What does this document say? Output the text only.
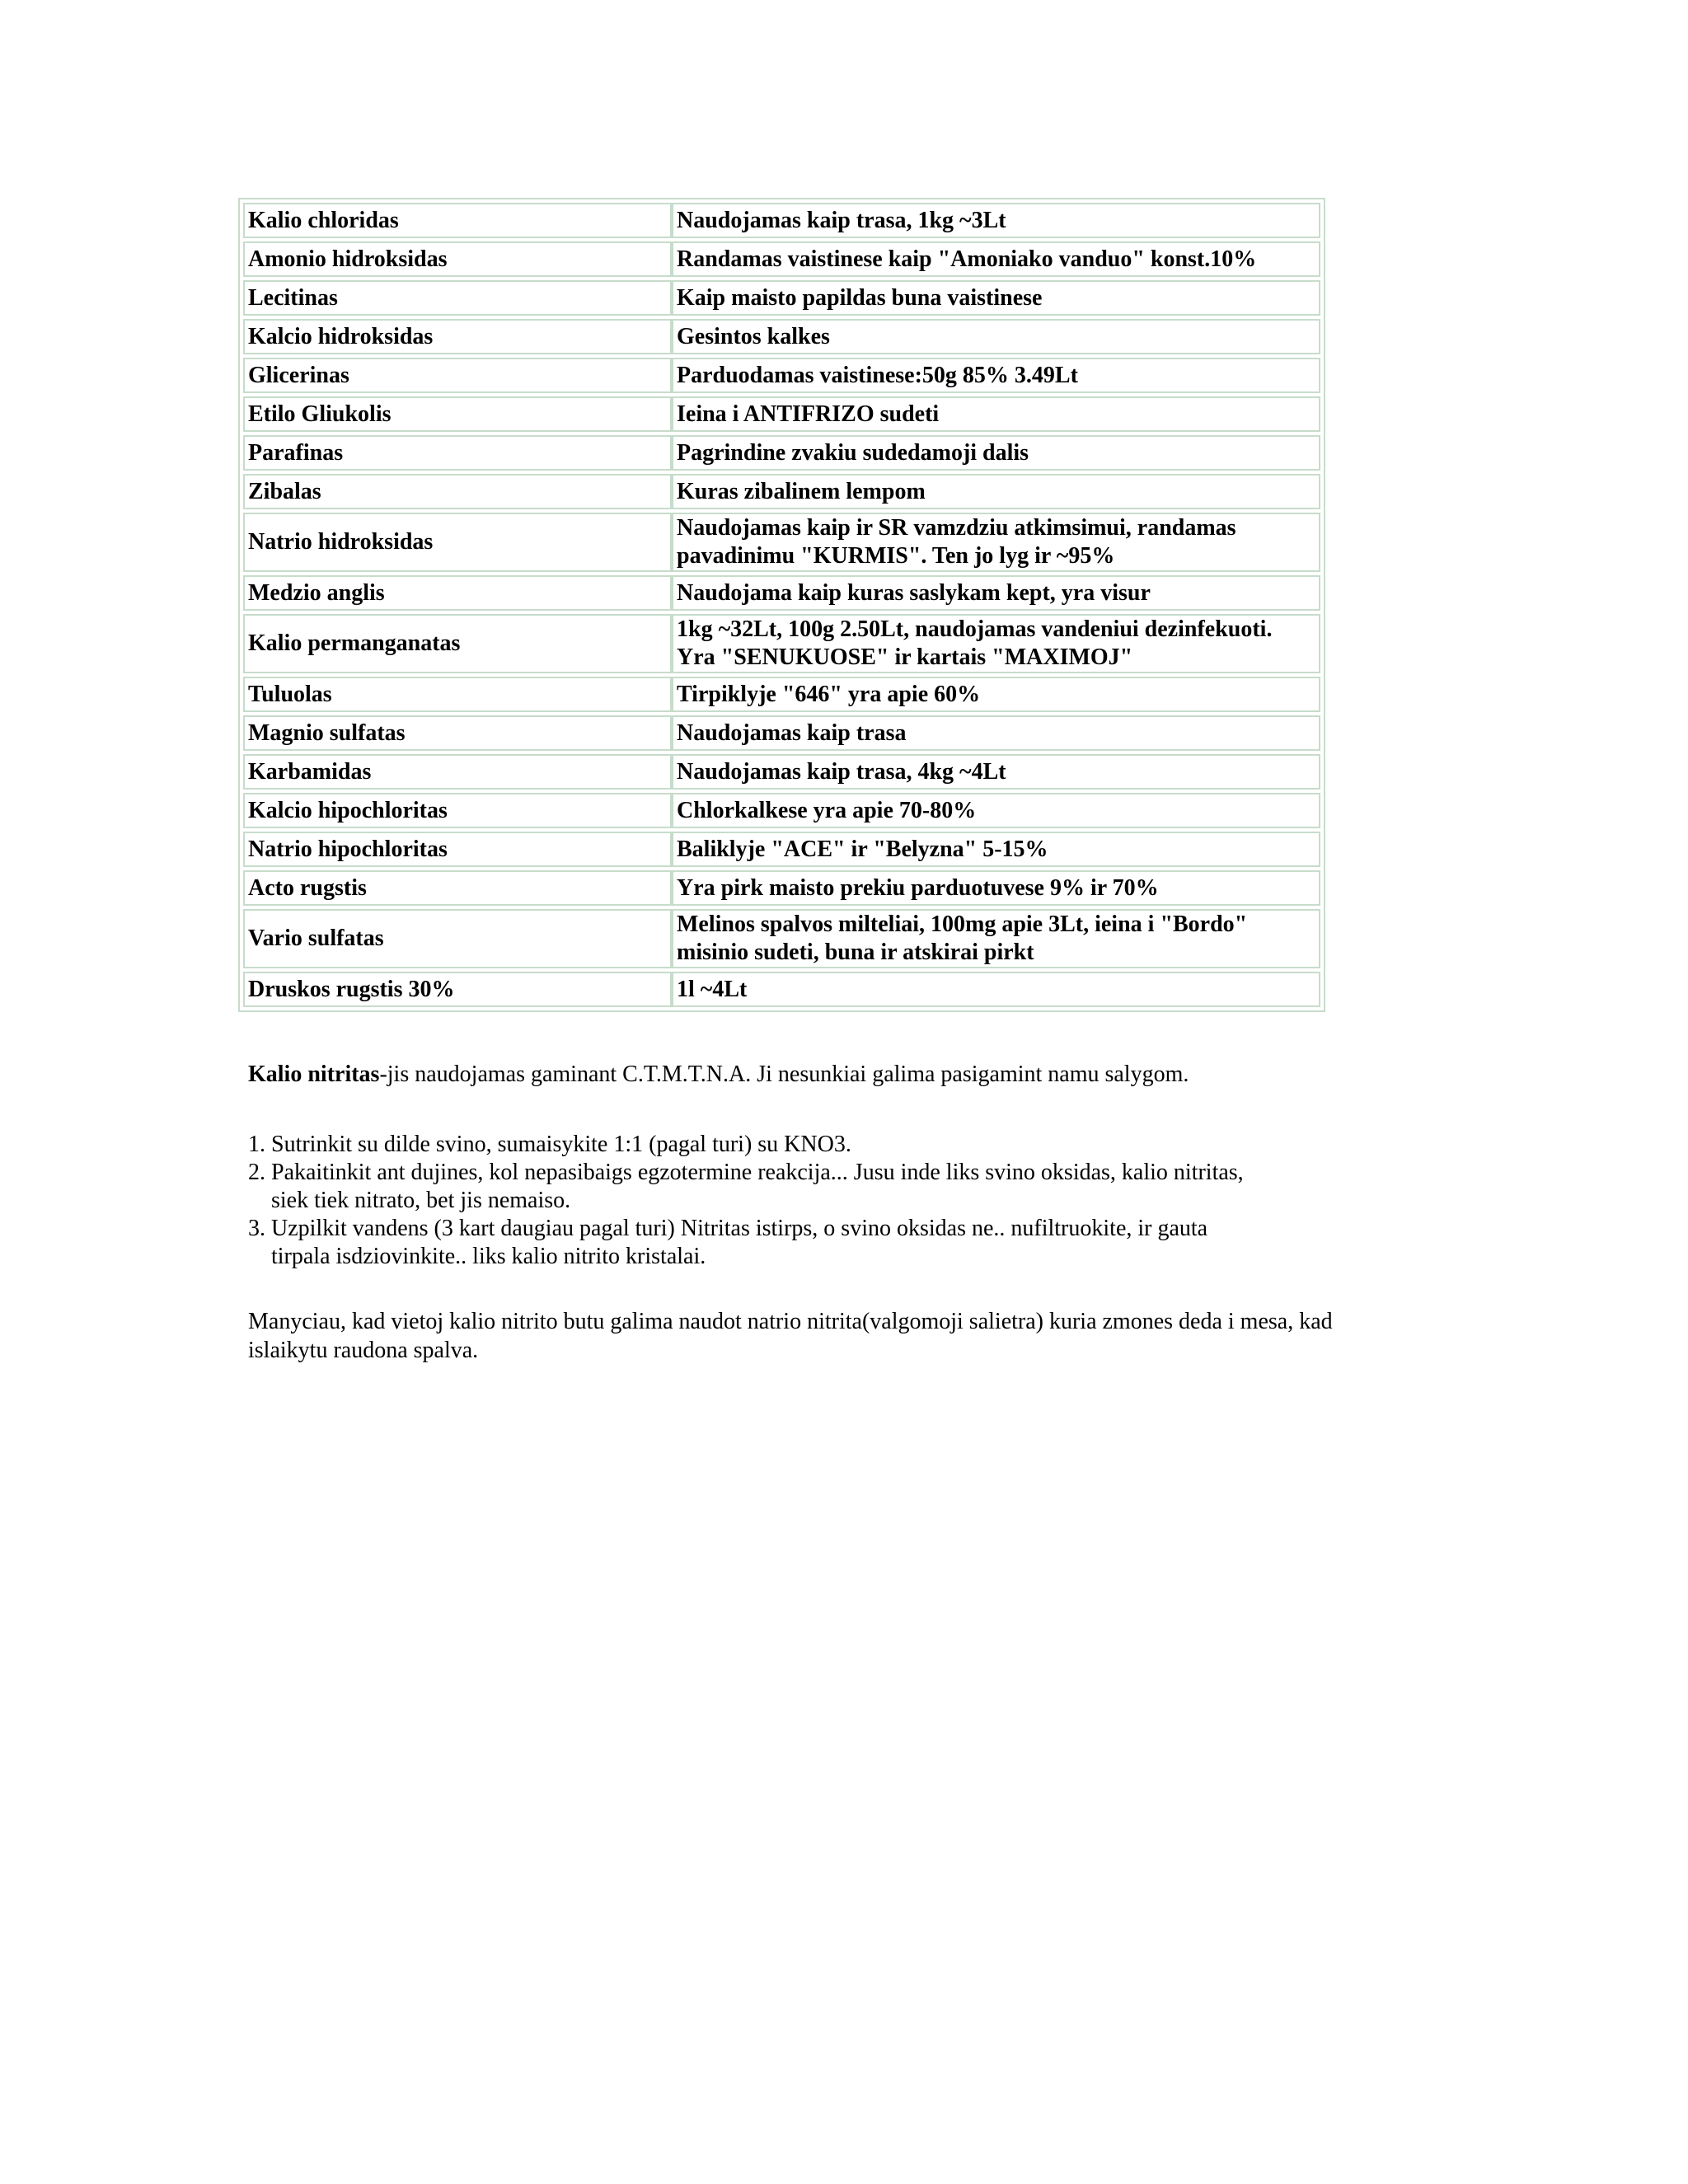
Kalio chloridas	Naudojamas kaip trasa, 1kg ~3Lt
Amonio hidroksidas	Randamas vaistinese kaip "Amoniako vanduo" konst.10%
Lecitinas	Kaip maisto papildas buna vaistinese
Kalcio hidroksidas	Gesintos kalkes
Glicerinas	Parduodamas vaistinese:50g 85% 3.49Lt
Etilo Gliukolis	Ieina i ANTIFRIZO sudeti
Parafinas	Pagrindine zvakiu sudedamoji dalis
Zibalas	Kuras zibalinem lempom
Natrio hidroksidas	Naudojamas kaip ir SR vamzdziu atkimsimui, randamas
pavadinimu "KURMIS". Ten jo lyg ir ~95%

Medzio anglis	Naudojama kaip kuras saslykam kept, yra visur
Kalio permanganatas	1kg ~32Lt, 100g 2.50Lt, naudojamas vandeniui dezinfekuoti.
Yra "SENUKUOSE" ir kartais "MAXIMOJ"

Tuluolas	Tirpiklyje "646" yra apie 60%
Magnio sulfatas	Naudojamas kaip trasa
Karbamidas	Naudojamas kaip trasa, 4kg ~4Lt
Kalcio hipochloritas	Chlorkalkese yra apie 70-80%
Natrio hipochloritas	Baliklyje "ACE" ir "Belyzna" 5-15%
Acto rugstis	Yra pirk maisto prekiu parduotuvese 9% ir 70%
Vario sulfatas	Melinos spalvos milteliai, 100mg apie 3Lt, ieina i "Bordo"
misinio sudeti, buna ir atskirai pirkt

Druskos rugstis 30%	1l ~4Lt
Kalio nitritas-jis naudojamas gaminant C.T.M.T.N.A. Ji nesunkiai galima pasigamint namu salygom.
1. Sutrinkit su dilde svino, sumaisykite 1:1 (pagal turi) su KNO3.
2. Pakaitinkit ant dujines, kol nepasibaigs egzotermine reakcija... Jusu inde liks svino oksidas, kalio nitritas,
siek tiek nitrato, bet jis nemaiso.
3. Uzpilkit vandens (3 kart daugiau pagal turi) Nitritas istirps, o svino oksidas ne.. nufiltruokite, ir gauta
tirpala isdziovinkite.. liks kalio nitrito kristalai.
Manyciau, kad vietoj kalio nitrito butu galima naudot natrio nitrita(valgomoji salietra) kuria zmones deda i mesa, kad
islaikytu raudona spalva.
